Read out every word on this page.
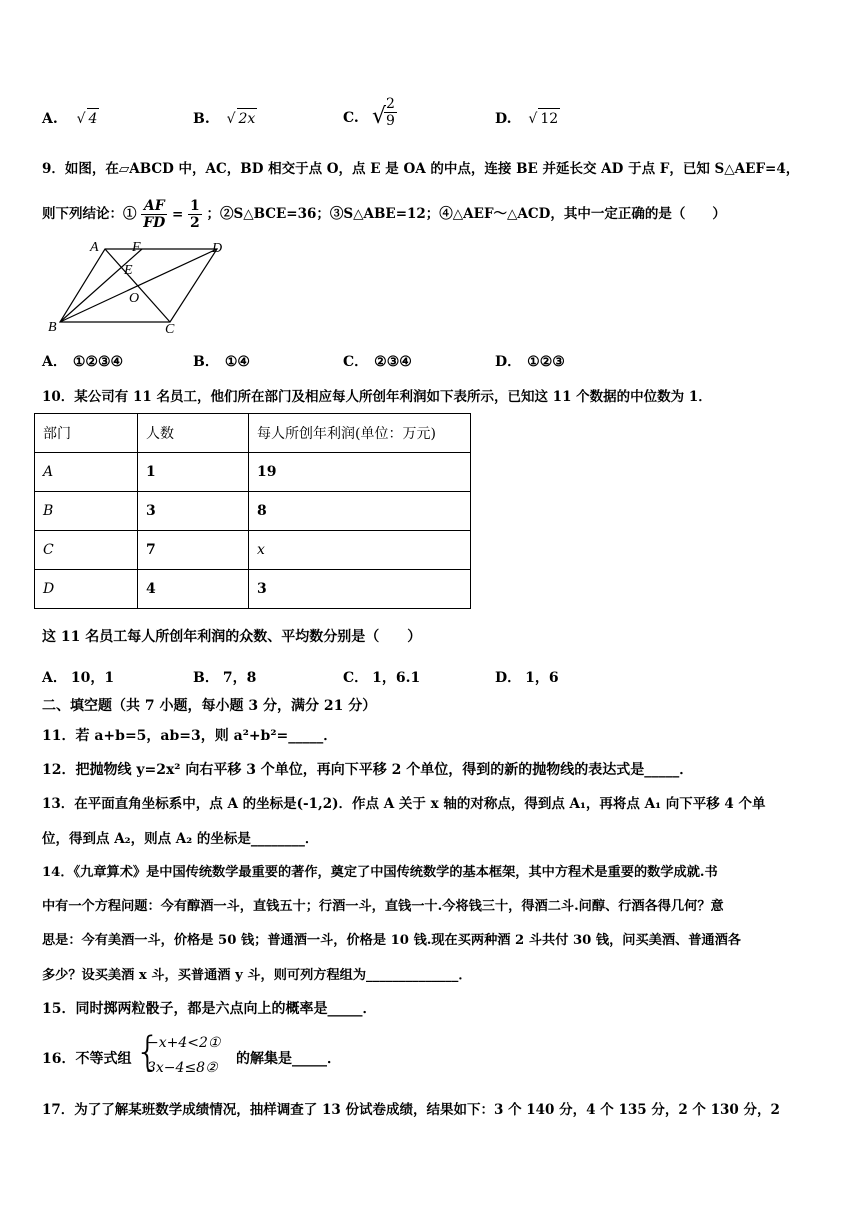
A. √ 4	B. √ 2x	C. √
$\frac{2}{9}$	D. √ 12
9．如图，在▱ABCD 中，AC，BD 相交于点 O，点 E 是 OA 的中点，连接 BE 并延长交 AD 于点 F，已知 S△AEF=4，
则下列结论：① $\frac{AF}{FD} = \frac{1}{2}$ ；②S△BCE=36；③S△ABE=12；④△AEF～△ACD，其中一定正确的是（　　）
A F	D
E
O
B	C
A． ①②③④	B． ①④	C． ②③④	D． ①②③
10．某公司有 11 名员工，他们所在部门及相应每人所创年利润如下表所示，已知这 11 个数据的中位数为 1．
部门	人数	每人所创年利润(单位：万元)
A	1	19
B	3	8
C	7	x
D	4	3
这 11 名员工每人所创年利润的众数、平均数分别是（　　）
A． 10，1	B． 7，8	C． 1，6.1	D． 1，6
二、填空题（共 7 小题，每小题 3 分，满分 21 分）
11．若 a+b=5，ab=3，则 a²+b²=_____．
12．把抛物线 y=2x² 向右平移 3 个单位，再向下平移 2 个单位，得到的新的抛物线的表达式是_____．
13．在平面直角坐标系中，点 A 的坐标是(-1,2)．作点 A 关于 x 轴的对称点，得到点 A₁，再将点 A₁ 向下平移 4 个单
位，得到点 A₂，则点 A₂ 的坐标是________．
14．《九章算术》是中国传统数学最重要的著作，奠定了中国传统数学的基本框架，其中方程术是重要的数学成就.书
中有一个方程问题：今有醇酒一斗，直钱五十；行酒一斗，直钱一十.今将钱三十，得酒二斗.问醇、行酒各得几何？意
思是：今有美酒一斗，价格是 50 钱；普通酒一斗，价格是 10 钱.现在买两种酒 2 斗共付 30 钱，问买美酒、普通酒各
多少？设买美酒 x 斗，买普通酒 y 斗，则可列方程组为______________．
15．同时掷两粒骰子，都是六点向上的概率是_____．
16．不等式组 {
−x+4<2①
3x−4≤8②
的解集是_____．
17．为了了解某班数学成绩情况，抽样调查了 13 份试卷成绩，结果如下：3 个 140 分，4 个 135 分，2 个 130 分，2
